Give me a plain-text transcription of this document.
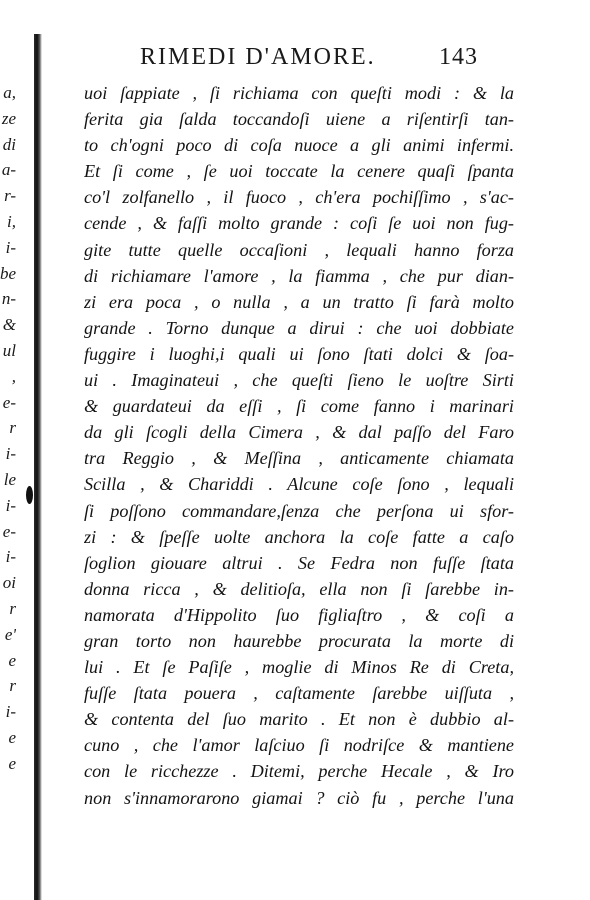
a,
ze
di
a-
r-
i,
i-
be
n-
&
ul
,
e-
r
i-
le
i-
e-
i-
oi
r
e'
e
r
i-
e
e
RIMEDI D'AMORE.	143
uoi ſappiate , ſi richiama con queſti modi : & la
ferita gia ſalda toccandoſi uiene a riſentirſi tan-
to ch'ogni poco di coſa nuoce a gli animi infermi.
Et ſi come , ſe uoi toccate la cenere quaſi ſpanta
co'l zolfanello , il fuoco , ch'era pochiſſimo , s'ac-
cende , & faſſi molto grande : coſi ſe uoi non fug-
gite tutte quelle occaſioni , lequali hanno forza
di richiamare l'amore , la fiamma , che pur dian-
zi era poca , o nulla , a un tratto ſi farà molto
grande . Torno dunque a dirui : che uoi dobbiate
fuggire i luoghi,i quali ui ſono ſtati dolci & ſoa-
ui . Imaginateui , che queſti ſieno le uoſtre Sirti
& guardateui da eſſi , ſi come fanno i marinari
da gli ſcogli della Cimera , & dal paſſo del Faro
tra Reggio , & Meſſina , anticamente chiamata
Scilla , & Chariddi . Alcune coſe ſono , lequali
ſi poſſono commandare,ſenza che perſona ui sfor-
zi : & ſpeſſe uolte anchora la coſe fatte a caſo
ſoglion giouare altrui . Se Fedra non fuſſe ſtata
donna ricca , & delitioſa, ella non ſi ſarebbe in-
namorata d'Hippolito ſuo figliaſtro , & coſi a
gran torto non haurebbe procurata la morte di
lui . Et ſe Paſiſe , moglie di Minos Re di Creta,
fuſſe ſtata pouera , caſtamente ſarebbe uiſſuta ,
& contenta del ſuo marito . Et non è dubbio al-
cuno , che l'amor laſciuo ſi nodriſce & mantiene
con le ricchezze . Ditemi, perche Hecale , & Iro
non s'innamorarono giamai ? ciò fu , perche l'una
